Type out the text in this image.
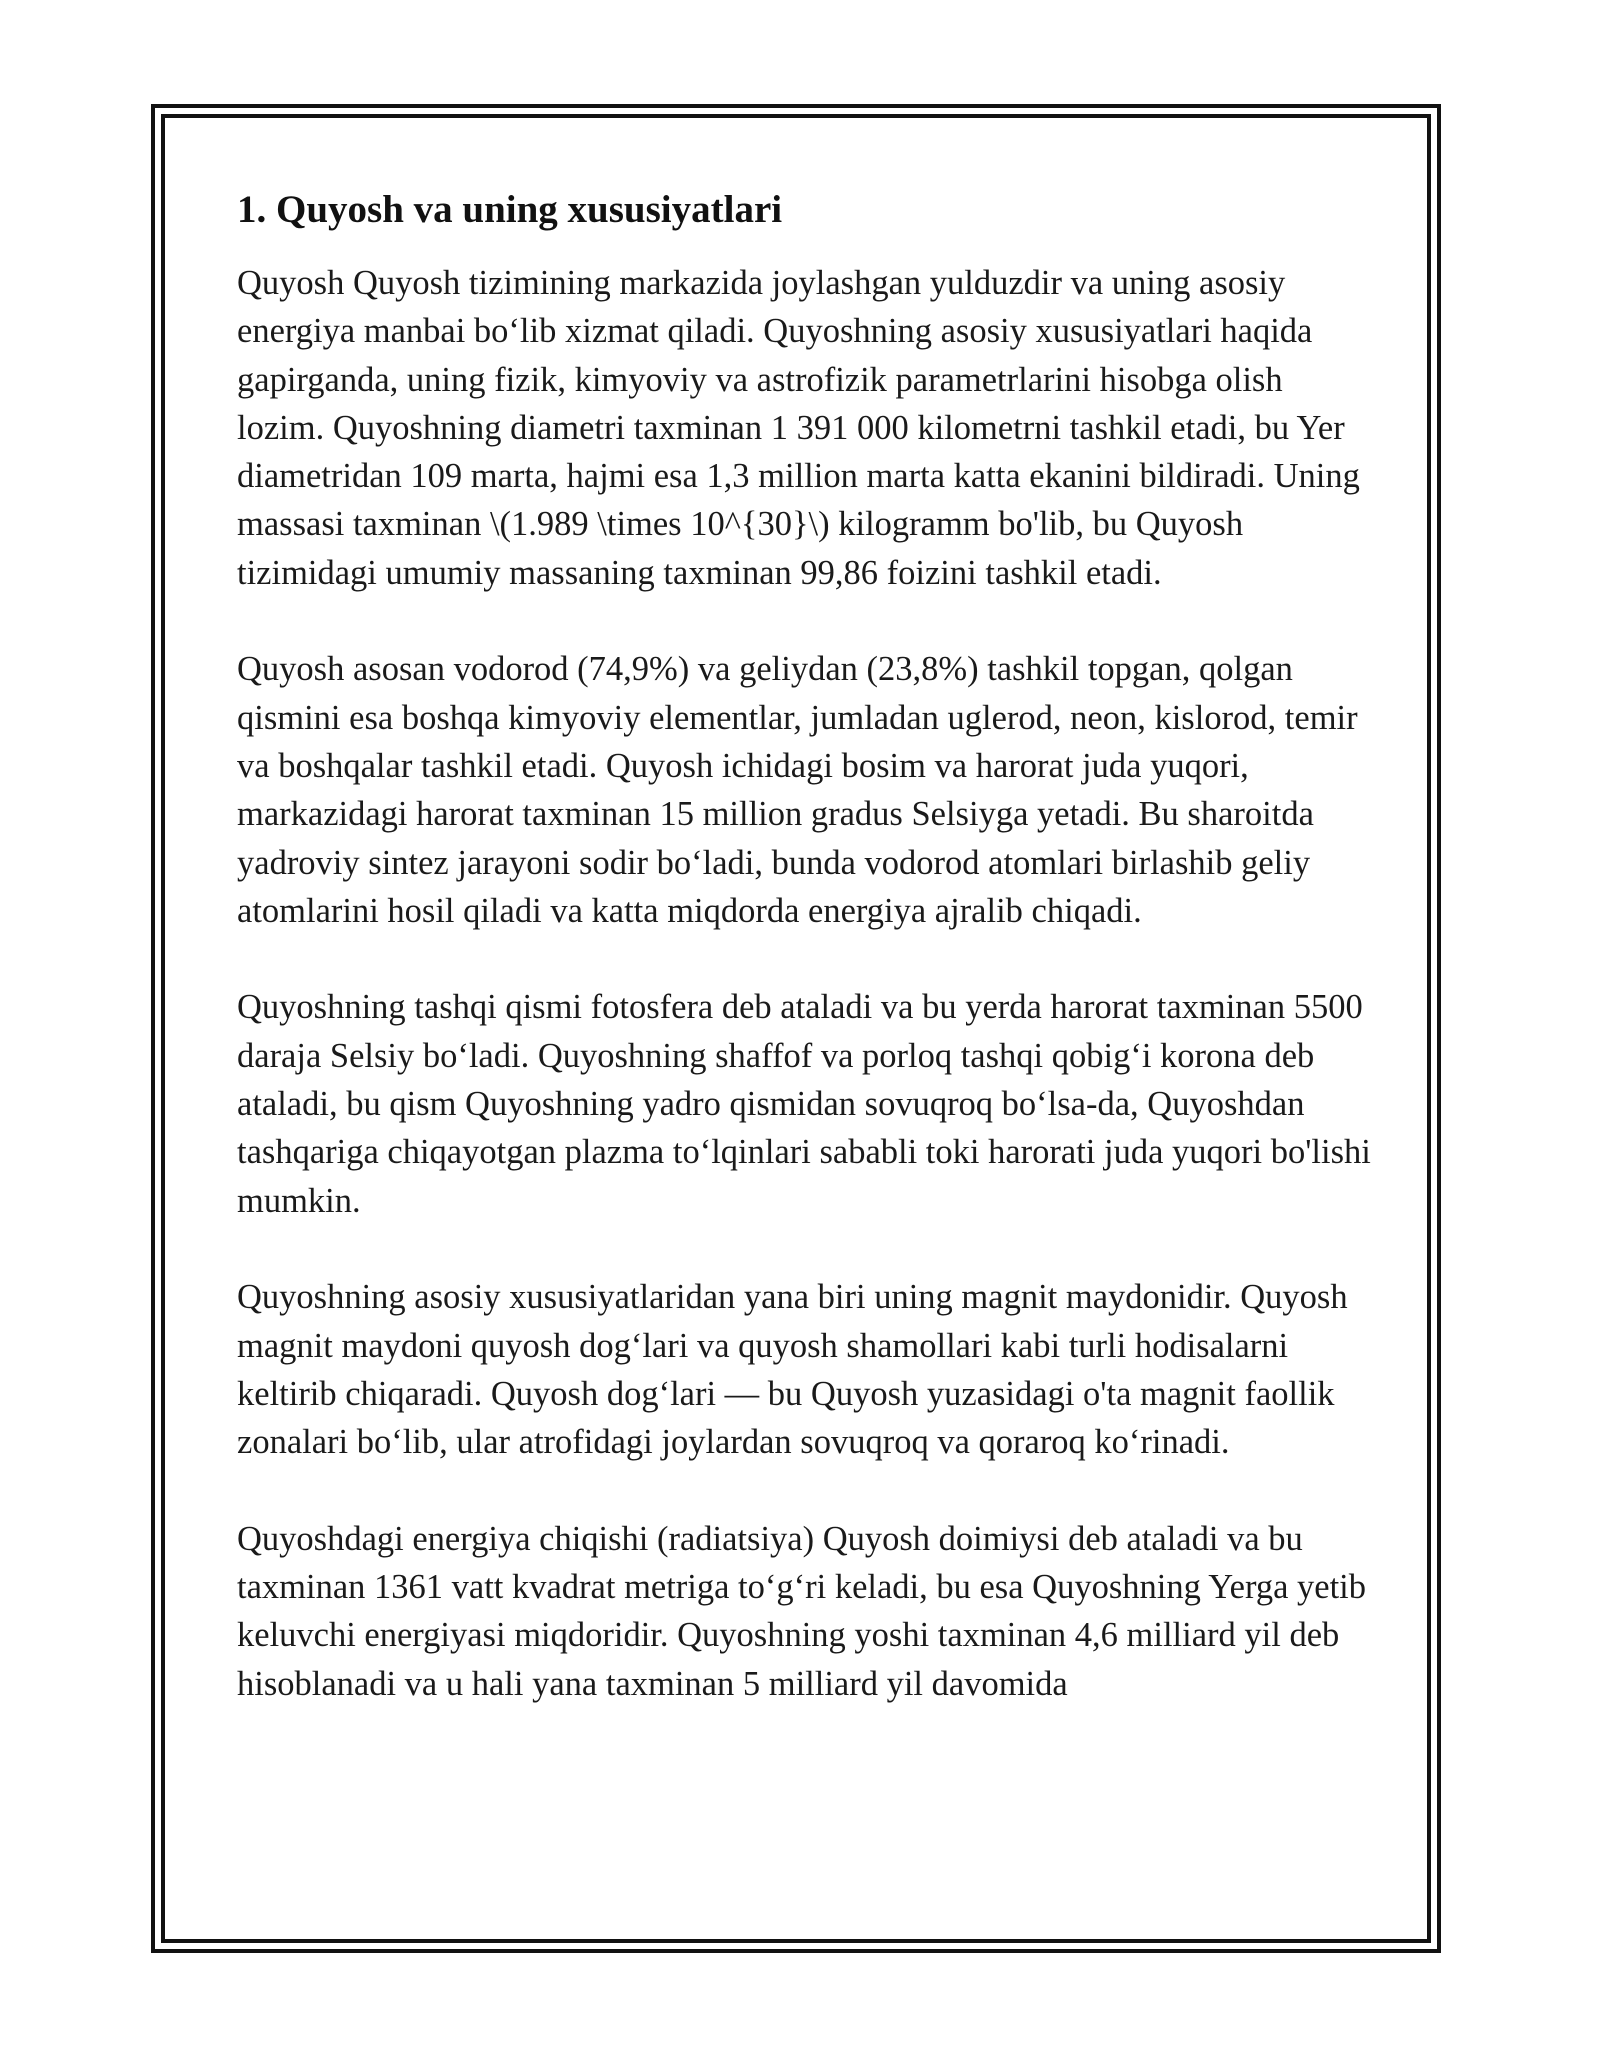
1. Quyosh va uning xususiyatlari

Quyosh Quyosh tizimining markazida joylashgan yulduzdir va uning asosiy energiya manbai bo‘lib xizmat qiladi. Quyoshning asosiy xususiyatlari haqida gapirganda, uning fizik, kimyoviy va astrofizik parametrlarini hisobga olish lozim. Quyoshning diametri taxminan 1 391 000 kilometrni tashkil etadi, bu Yer diametridan 109 marta, hajmi esa 1,3 million marta katta ekanini bildiradi. Uning massasi taxminan \(1.989 \times 10^{30}\) kilogramm bo'lib, bu Quyosh tizimidagi umumiy massaning taxminan 99,86 foizini tashkil etadi.

Quyosh asosan vodorod (74,9%) va geliydan (23,8%) tashkil topgan, qolgan qismini esa boshqa kimyoviy elementlar, jumladan uglerod, neon, kislorod, temir va boshqalar tashkil etadi. Quyosh ichidagi bosim va harorat juda yuqori, markazidagi harorat taxminan 15 million gradus Selsiyga yetadi. Bu sharoitda yadroviy sintez jarayoni sodir bo‘ladi, bunda vodorod atomlari birlashib geliy atomlarini hosil qiladi va katta miqdorda energiya ajralib chiqadi.

Quyoshning tashqi qismi fotosfera deb ataladi va bu yerda harorat taxminan 5500 daraja Selsiy bo‘ladi. Quyoshning shaffof va porloq tashqi qobig‘i korona deb ataladi, bu qism Quyoshning yadro qismidan sovuqroq bo‘lsa-da, Quyoshdan tashqariga chiqayotgan plazma to‘lqinlari sababli toki harorati juda yuqori bo'lishi mumkin.

Quyoshning asosiy xususiyatlaridan yana biri uning magnit maydonidir. Quyosh magnit maydoni quyosh dog‘lari va quyosh shamollari kabi turli hodisalarni keltirib chiqaradi. Quyosh dog‘lari — bu Quyosh yuzasidagi o'ta magnit faollik zonalari bo‘lib, ular atrofidagi joylardan sovuqroq va qoraroq ko‘rinadi.

Quyoshdagi energiya chiqishi (radiatsiya) Quyosh doimiysi deb ataladi va bu taxminan 1361 vatt kvadrat metriga to‘g‘ri keladi, bu esa Quyoshning Yerga yetib keluvchi energiyasi miqdoridir. Quyoshning yoshi taxminan 4,6 milliard yil deb hisoblanadi va u hali yana taxminan 5 milliard yil davomida
